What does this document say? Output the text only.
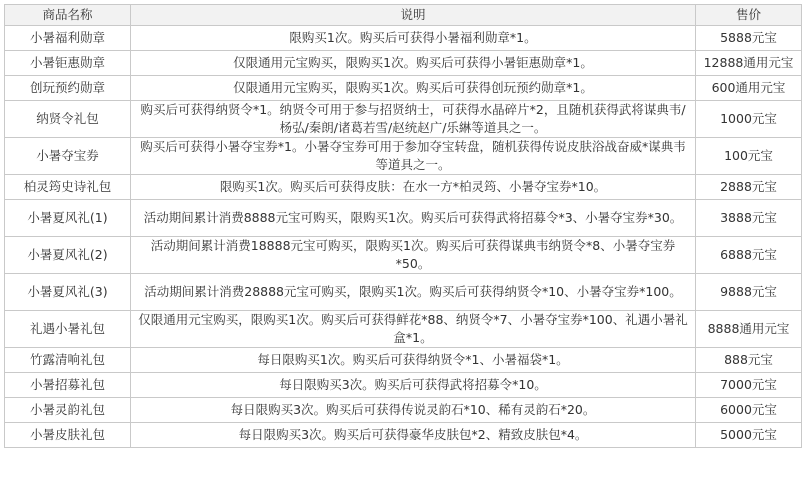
商品名称	说明	售价
小暑福利勋章	限购买1次。购买后可获得小暑福利勋章*1。	5888元宝
小暑钜惠勋章	仅限通用元宝购买，限购买1次。购买后可获得小暑钜惠勋章*1。	12888通用元宝
创玩预约勋章	仅限通用元宝购买，限购买1次。购买后可获得创玩预约勋章*1。	600通用元宝
纳贤令礼包	购买后可获得纳贤令*1。纳贤令可用于参与招贤纳士，可获得水晶碎片*2，且随机获得武将谋典韦/杨弘/秦朗/诸葛若雪/赵统赵广/乐綝等道具之一。	1000元宝
小暑夺宝券	购买后可获得小暑夺宝券*1。小暑夺宝券可用于参加夺宝转盘，随机获得传说皮肤浴战奋威*谋典韦等道具之一。	100元宝
柏灵筠史诗礼包	限购买1次。购买后可获得皮肤：在水一方*柏灵筠、小暑夺宝券*10。	2888元宝
小暑夏风礼(1)	活动期间累计消费8888元宝可购买，限购买1次。购买后可获得武将招募令*3、小暑夺宝券*30。	3888元宝
小暑夏风礼(2)	活动期间累计消费18888元宝可购买，限购买1次。购买后可获得谋典韦纳贤令*8、小暑夺宝券*50。	6888元宝
小暑夏风礼(3)	活动期间累计消费28888元宝可购买，限购买1次。购买后可获得纳贤令*10、小暑夺宝券*100。	9888元宝
礼遇小暑礼包	仅限通用元宝购买，限购买1次。购买后可获得鲜花*88、纳贤令*7、小暑夺宝券*100、礼遇小暑礼盒*1。	8888通用元宝
竹露清响礼包	每日限购买1次。购买后可获得纳贤令*1、小暑福袋*1。	888元宝
小暑招募礼包	每日限购买3次。购买后可获得武将招募令*10。	7000元宝
小暑灵韵礼包	每日限购买3次。购买后可获得传说灵韵石*10、稀有灵韵石*20。	6000元宝
小暑皮肤礼包	每日限购买3次。购买后可获得豪华皮肤包*2、精致皮肤包*4。	5000元宝
